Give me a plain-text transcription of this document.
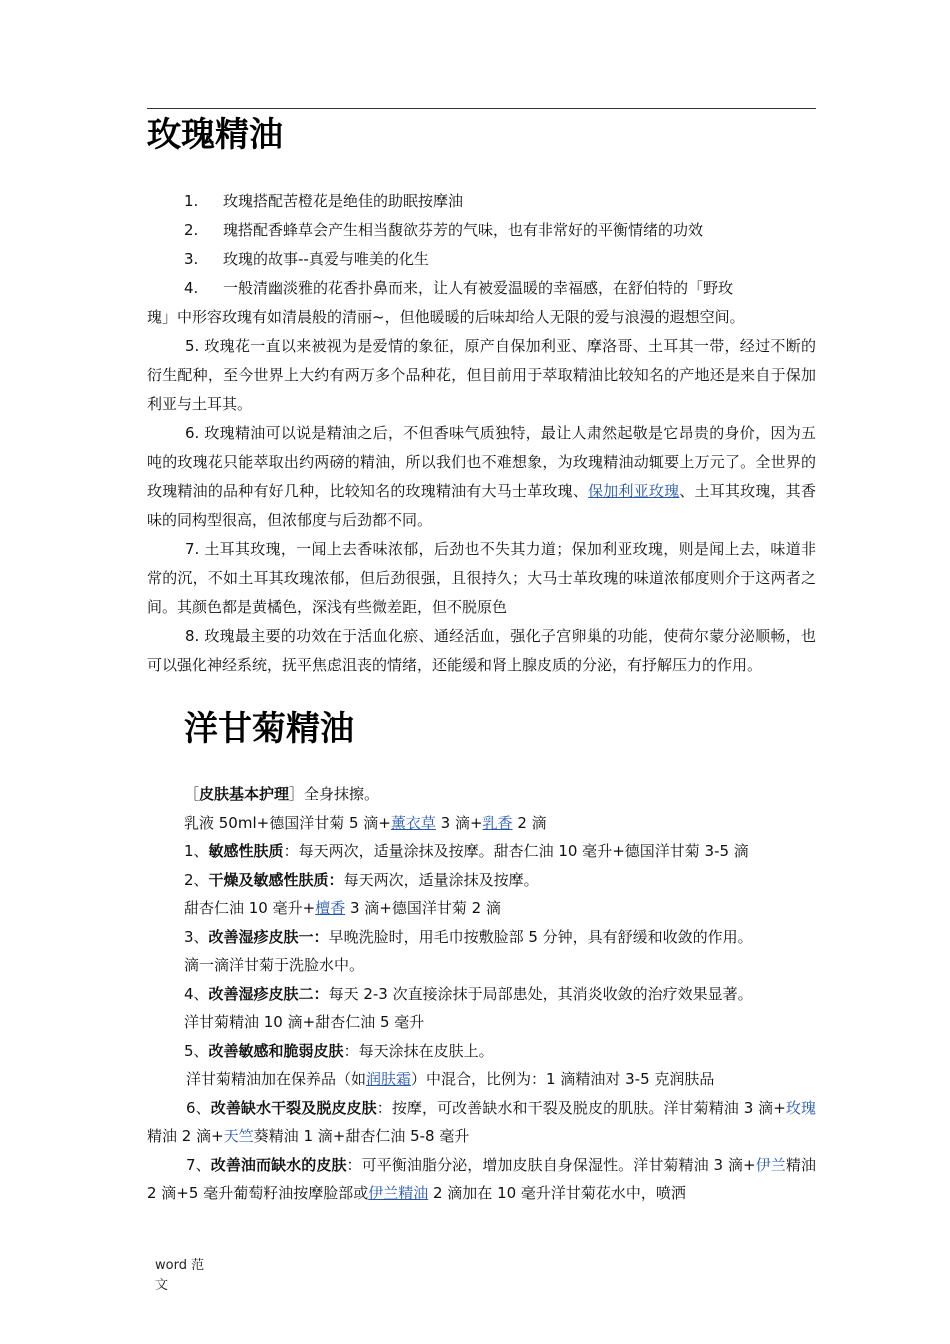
玫瑰精油
1. 玫瑰搭配苦橙花是绝佳的助眠按摩油
2. 瑰搭配香蜂草会产生相当馥欲芬芳的气味，也有非常好的平衡情绪的功效
3. 玫瑰的故事--真爱与唯美的化生
4. 一般清幽淡雅的花香扑鼻而来，让人有被爱温暖的幸福感，在舒伯特的「野玫
瑰」中形容玫瑰有如清晨般的清丽~，但他暖暖的后味却给人无限的爱与浪漫的遐想空间。
5. 玫瑰花一直以来被视为是爱情的象征，原产自保加利亚、摩洛哥、土耳其一带，经过不断的衍生配种，至今世界上大约有两万多个品种花，但目前用于萃取精油比较知名的产地还是来自于保加利亚与土耳其。
6. 玫瑰精油可以说是精油之后，不但香味气质独特，最让人肃然起敬是它昂贵的身价，因为五吨的玫瑰花只能萃取出约两磅的精油，所以我们也不难想象，为玫瑰精油动辄要上万元了。全世界的玫瑰精油的品种有好几种，比较知名的玫瑰精油有大马士革玫瑰、保加利亚玫瑰、土耳其玫瑰，其香味的同构型很高，但浓郁度与后劲都不同。
7. 土耳其玫瑰，一闻上去香味浓郁，后劲也不失其力道；保加利亚玫瑰，则是闻上去，味道非常的沉，不如土耳其玫瑰浓郁，但后劲很强，且很持久；大马士革玫瑰的味道浓郁度则介于这两者之间。其颜色都是黄橘色，深浅有些微差距，但不脱原色
8. 玫瑰最主要的功效在于活血化瘀、通经活血，强化子宫卵巢的功能，使荷尔蒙分泌顺畅，也可以强化神经系统，抚平焦虑沮丧的情绪，还能缓和肾上腺皮质的分泌，有抒解压力的作用。
洋甘菊精油
［皮肤基本护理］全身抹擦。
乳液 50ml+德国洋甘菊 5 滴+薰衣草 3 滴+乳香 2 滴
1、敏感性肤质：每天两次，适量涂抹及按摩。甜杏仁油 10 毫升+德国洋甘菊 3-5 滴
2、干燥及敏感性肤质：每天两次，适量涂抹及按摩。
甜杏仁油 10 毫升+檀香 3 滴+德国洋甘菊 2 滴
3、改善湿疹皮肤一：早晚洗脸时，用毛巾按敷脸部 5 分钟，具有舒缓和收敛的作用。
滴一滴洋甘菊于洗脸水中。
4、改善湿疹皮肤二：每天 2-3 次直接涂抹于局部患处，其消炎收敛的治疗效果显著。
洋甘菊精油 10 滴+甜杏仁油 5 毫升
5、改善敏感和脆弱皮肤：每天涂抹在皮肤上。
洋甘菊精油加在保养品（如润肤霜）中混合，比例为：1 滴精油对 3-5 克润肤品
6、改善缺水干裂及脱皮皮肤：按摩，可改善缺水和干裂及脱皮的肌肤。洋甘菊精油 3 滴+玫瑰精油 2 滴+天竺葵精油 1 滴+甜杏仁油 5-8 毫升
7、改善油而缺水的皮肤：可平衡油脂分泌，增加皮肤自身保湿性。洋甘菊精油 3 滴+伊兰精油 2 滴+5 毫升葡萄籽油按摩脸部或伊兰精油 2 滴加在 10 毫升洋甘菊花水中，喷洒
word 范
文
